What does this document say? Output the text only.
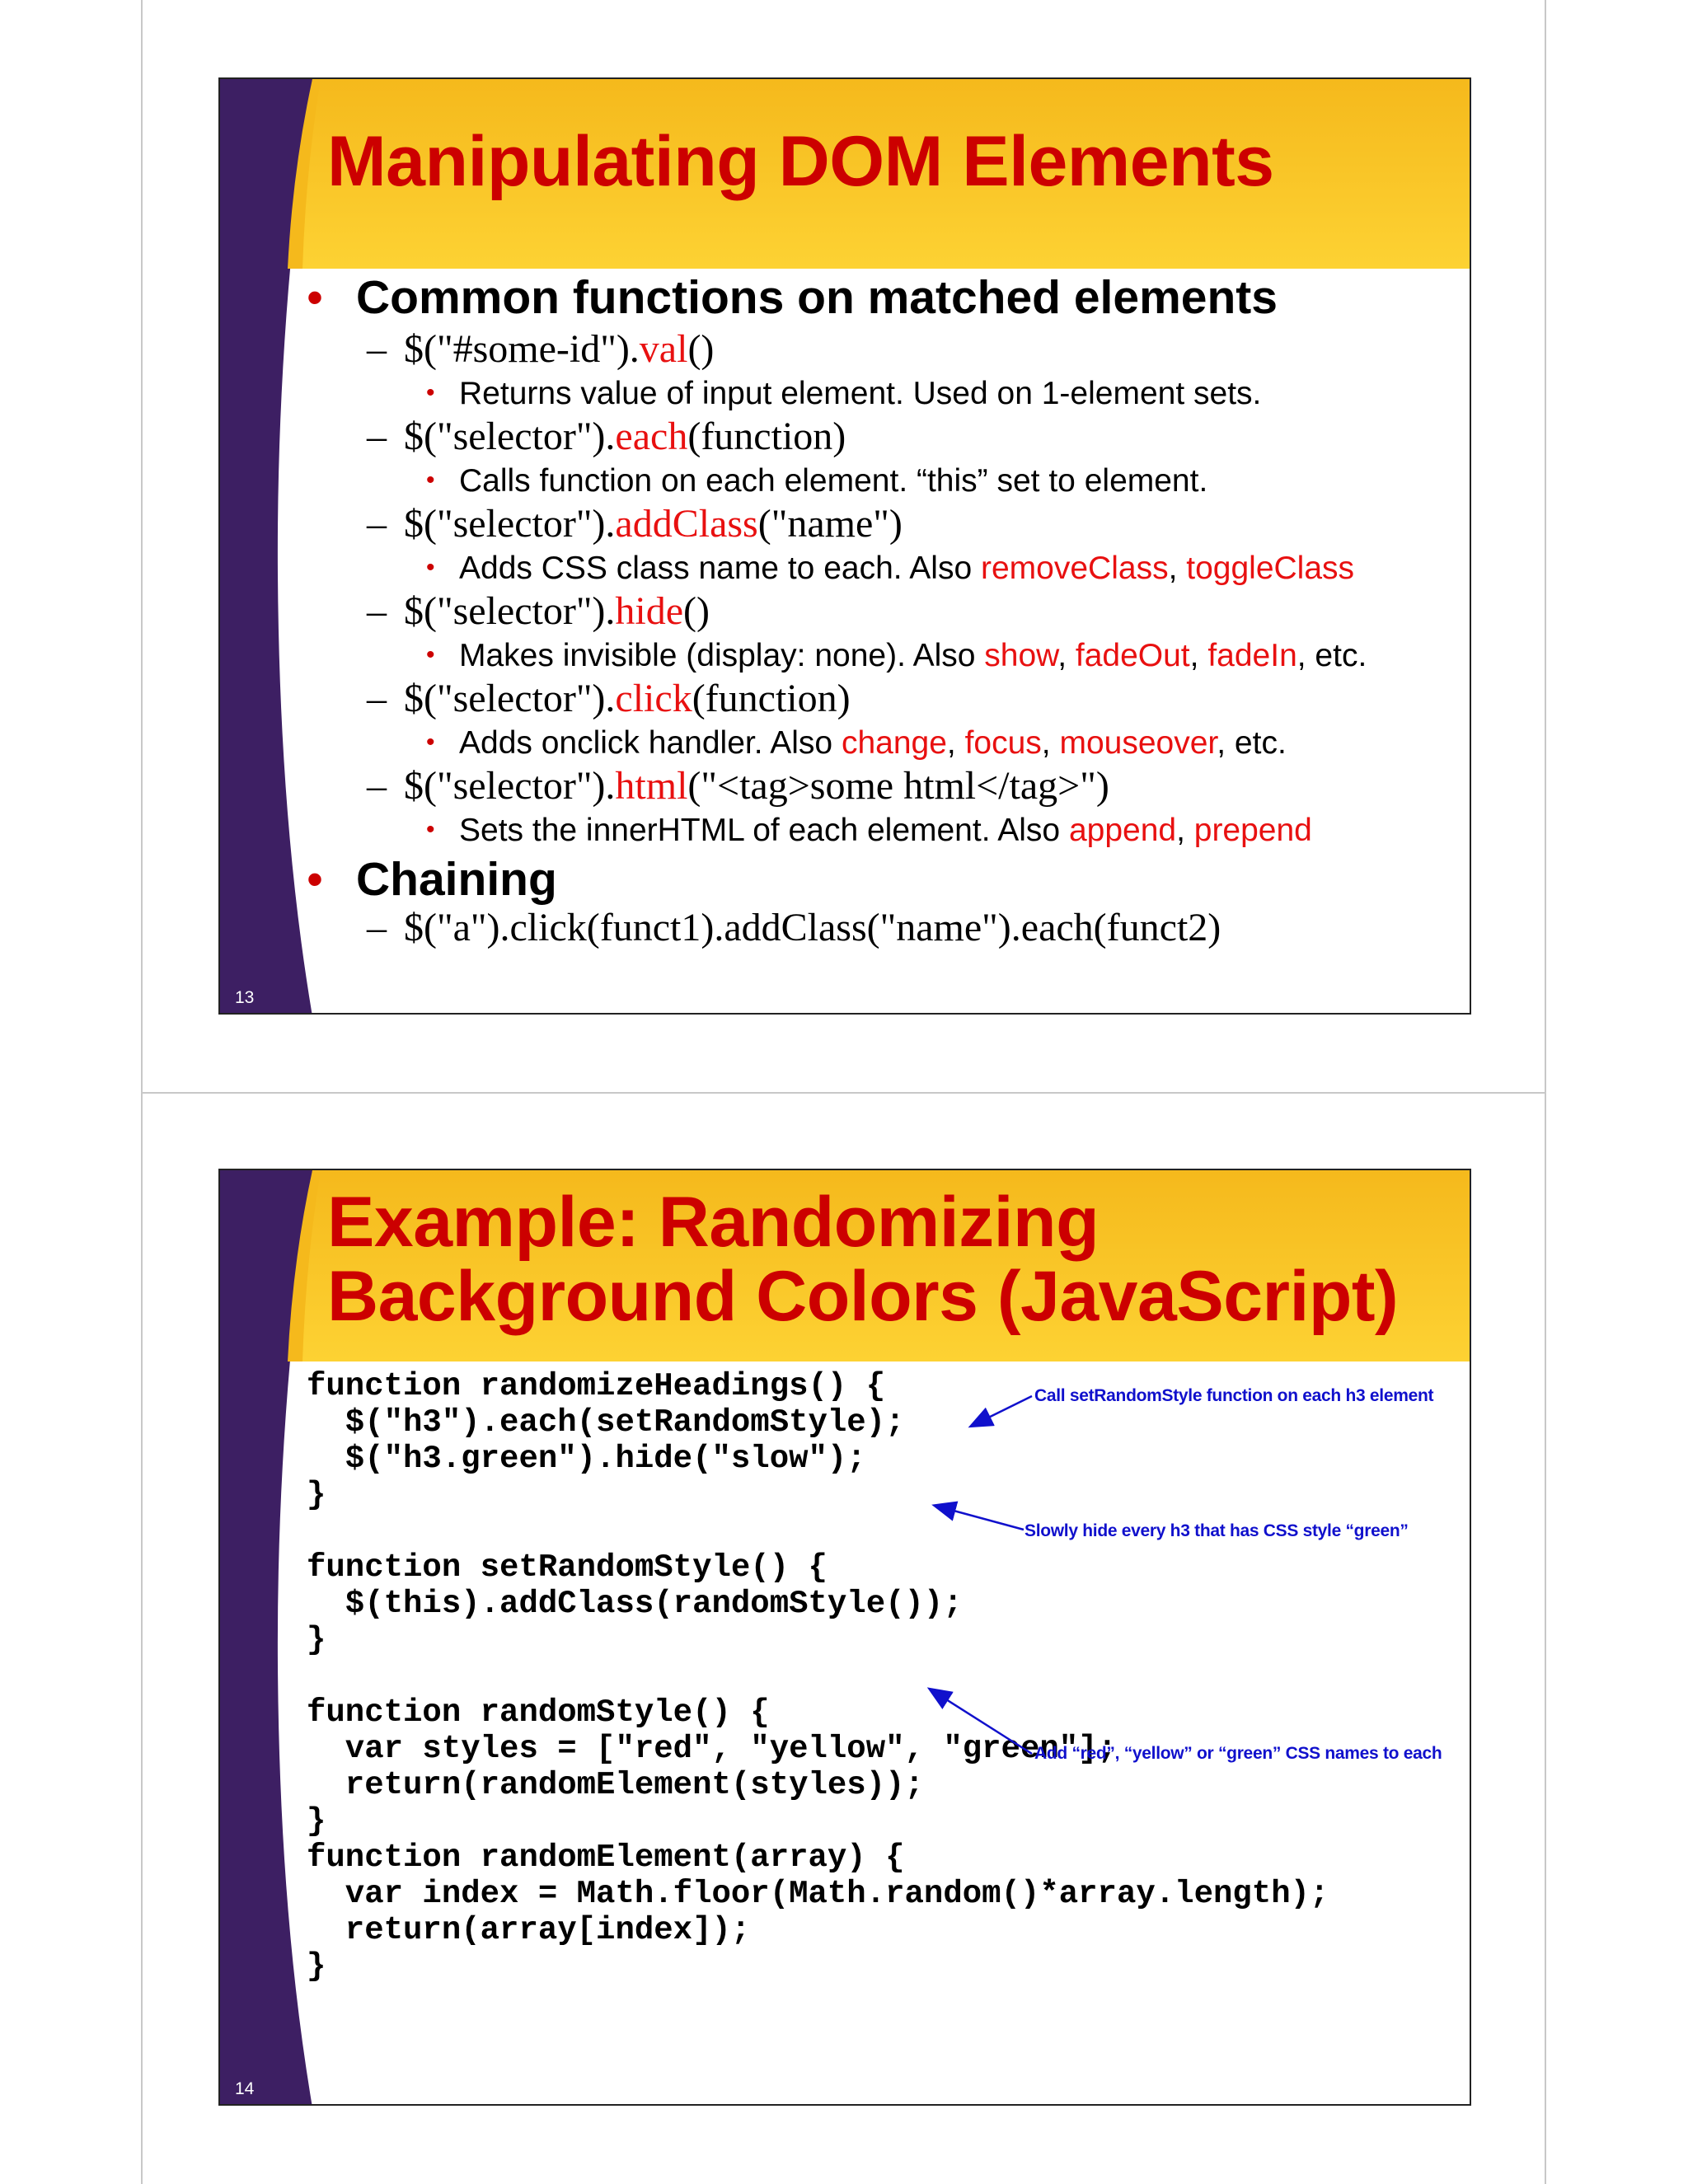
Manipulating DOM Elements
• Common functions on matched elements
– $("#some-id").val()
• Returns value of input element. Used on 1-element sets.
– $("selector").each(function)
• Calls function on each element. “this” set to element.
– $("selector").addClass("name")
• Adds CSS class name to each. Also removeClass, toggleClass
– $("selector").hide()
• Makes invisible (display: none). Also show, fadeOut, fadeIn, etc.
– $("selector").click(function)
• Adds onclick handler. Also change, focus, mouseover, etc.
– $("selector").html("<tag>some html</tag>")
• Sets the innerHTML of each element. Also append, prepend
• Chaining
– $("a").click(funct1).addClass("name").each(funct2)
13
Example: Randomizing
Background Colors (JavaScript)
function randomizeHeadings() {
$("h3").each(setRandomStyle);
$("h3.green").hide("slow");
}

function setRandomStyle() {
$(this).addClass(randomStyle());
}

function randomStyle() {
var styles = ["red", "yellow", "green"];
return(randomElement(styles));
}
function randomElement(array) {
var index = Math.floor(Math.random()*array.length);
return(array[index]);
}
Call setRandomStyle function on each h3 element
Slowly hide every h3 that has CSS style “green”
Add “red”, “yellow” or “green” CSS names to each
14
